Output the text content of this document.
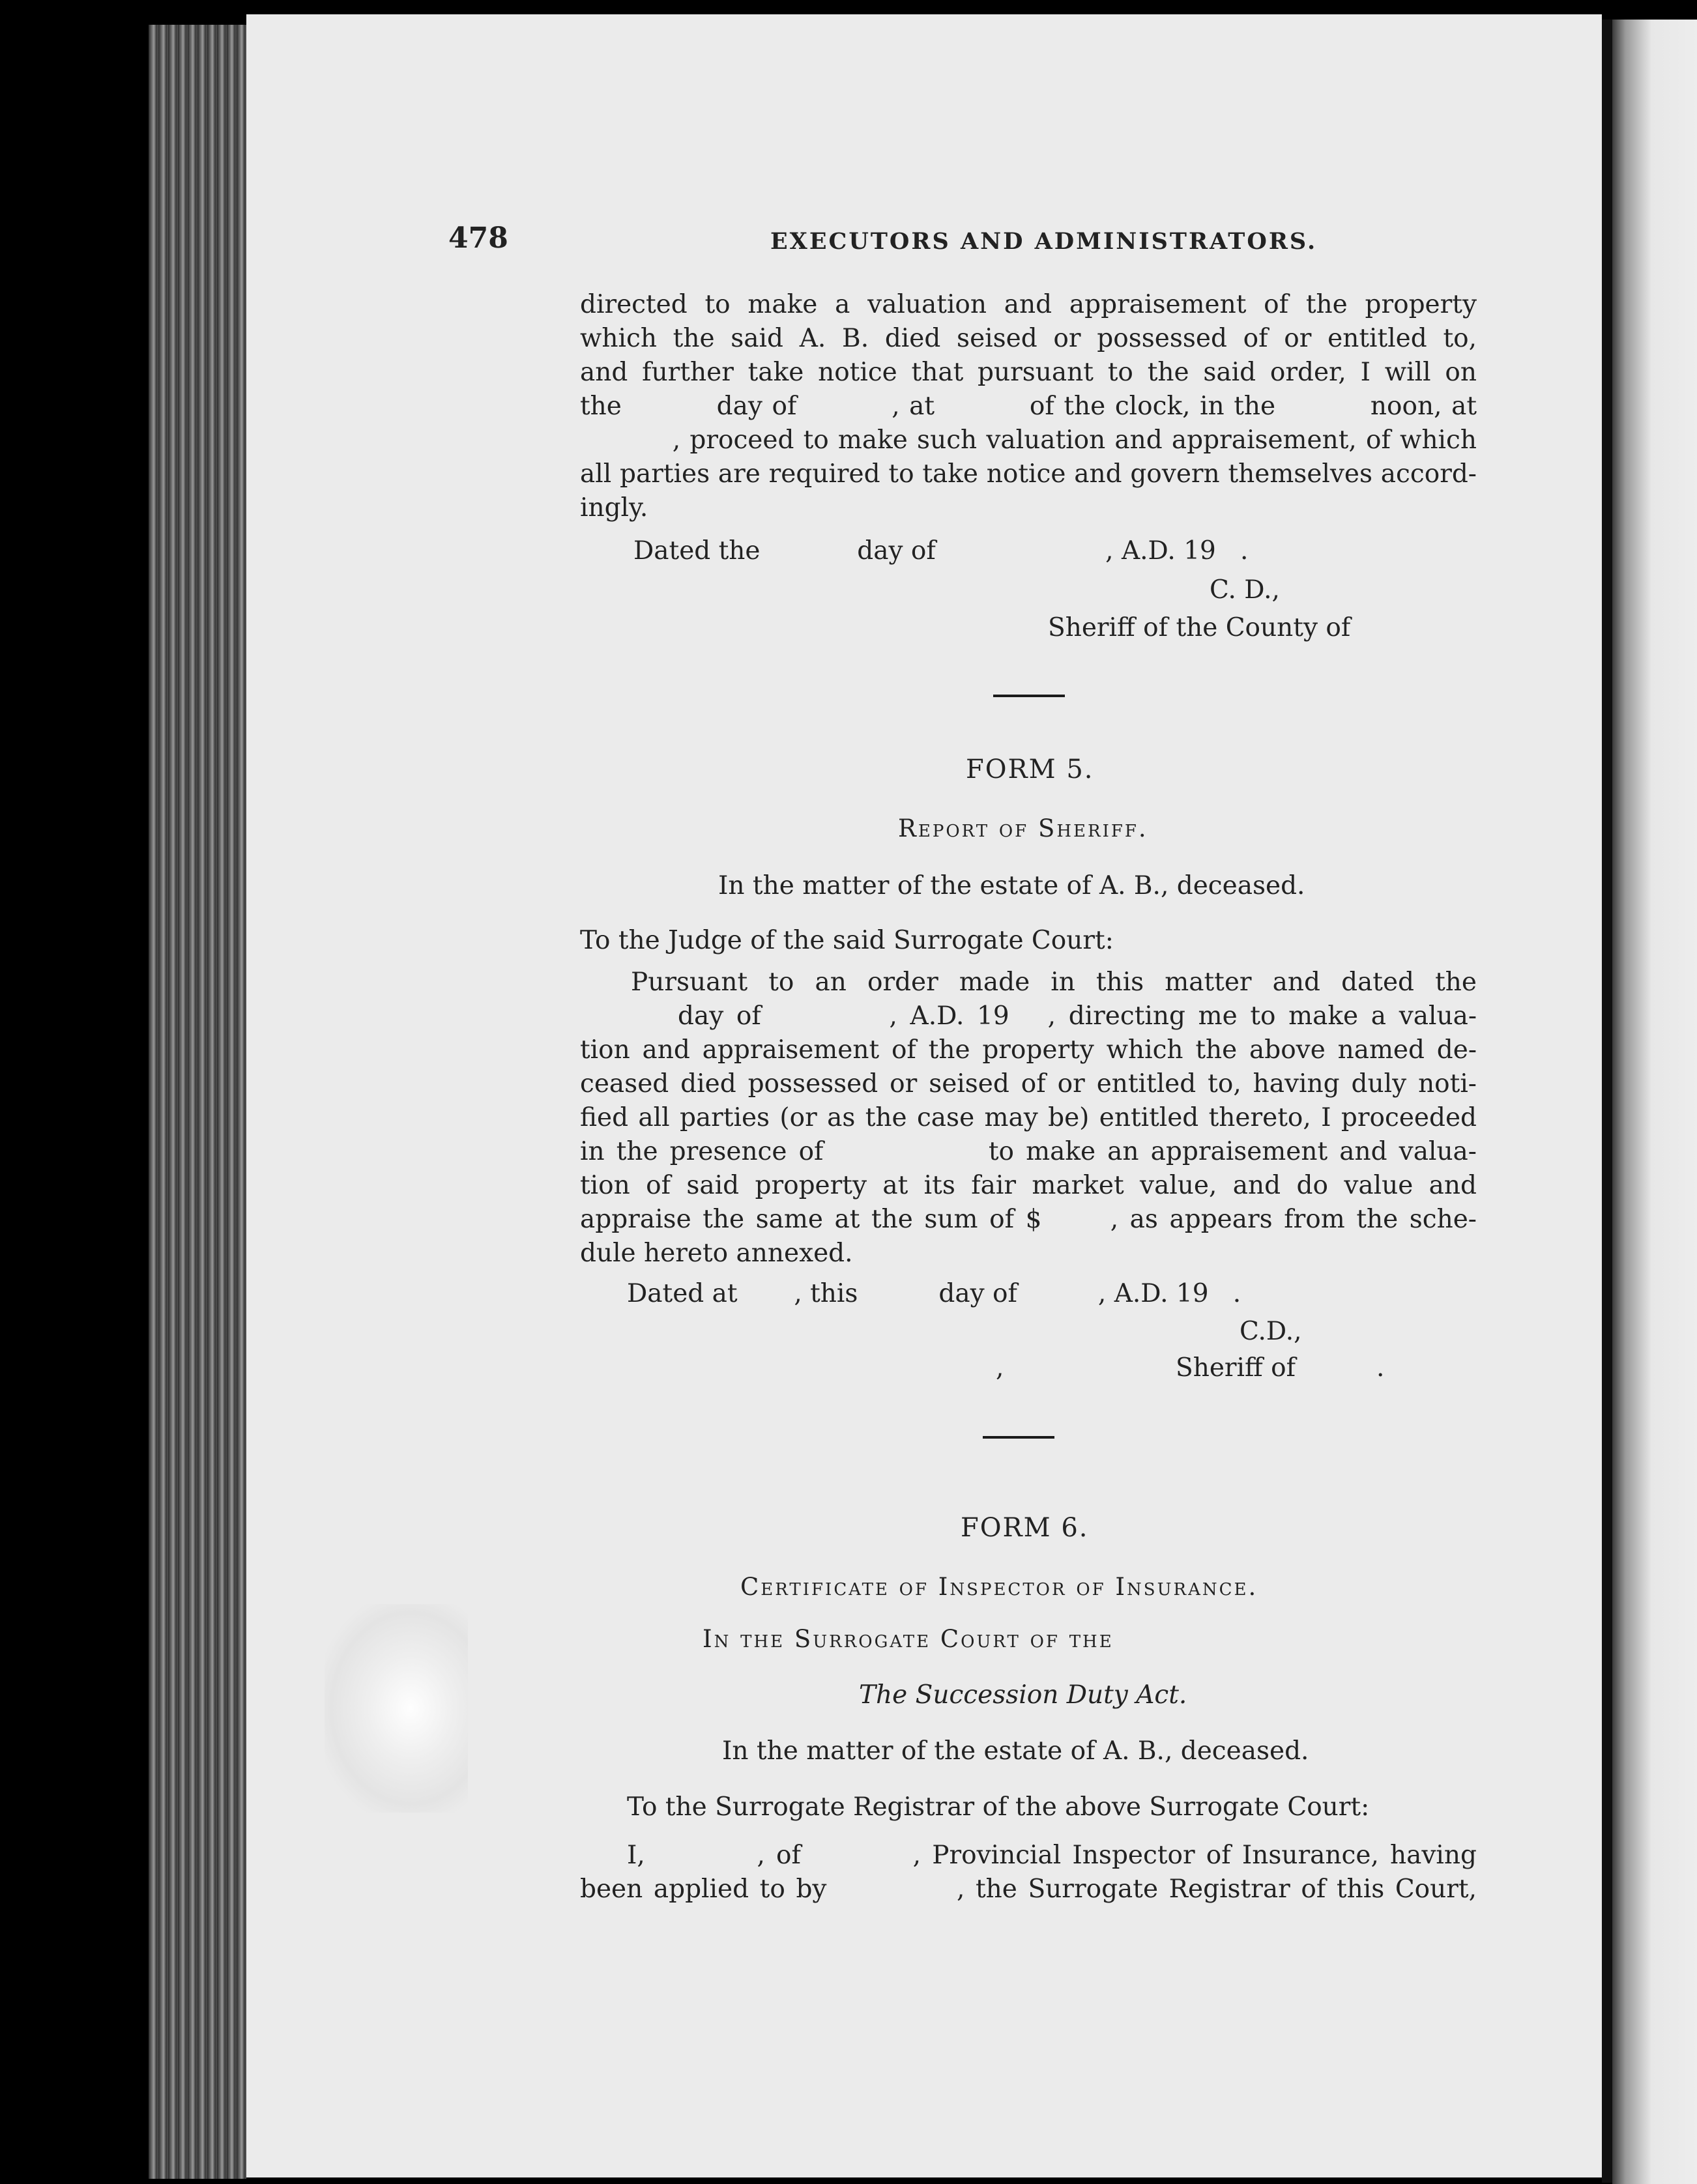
478	EXECUTORS AND ADMINISTRATORS.
directed to make a valuation and appraisement of the property
which the said A. B. died seised or possessed of or entitled to,
and further take notice that pursuant to the said order, I will on
the          day of          , at          of the clock, in the          noon, at
, proceed to make such valuation and appraisement, of which
all parties are required to take notice and govern themselves accord-
ingly.
Dated the            day of                     , A.D. 19   .
C. D.,
Sheriff of the County of
FORM 5.
Report of Sheriff.
In the matter of the estate of A. B., deceased.
To the Judge of the said Surrogate Court:
Pursuant to an order made in this matter and dated the
day of          , A.D. 19   , directing me to make a valua-
tion and appraisement of the property which the above named de-
ceased died possessed or seised of or entitled to, having duly noti-
fied all parties (or as the case may be) entitled thereto, I proceeded
in the presence of              to make an appraisement and valua-
tion of said property at its fair market value, and do value and
appraise the same at the sum of $      , as appears from the sche-
dule hereto annexed.
Dated at       , this          day of          , A.D. 19   .
C.D.,
,	Sheriff of          .
FORM 6.
Certificate of Inspector of Insurance.
In the Surrogate Court of the
The Succession Duty Act.
In the matter of the estate of A. B., deceased.
To the Surrogate Registrar of the above Surrogate Court:
I,          , of          , Provincial Inspector of Insurance, having
been applied to by            , the Surrogate Registrar of this Court,
